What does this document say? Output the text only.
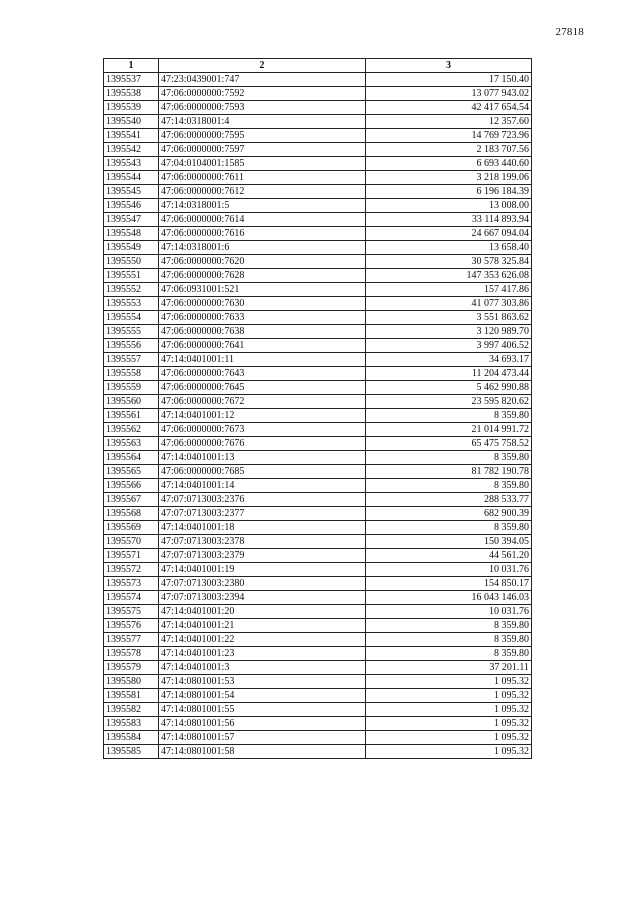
27818
1	2	3
1395537	47:23:0439001:747	17 150.40
1395538	47:06:0000000:7592	13 077 943.02
1395539	47:06:0000000:7593	42 417 654.54
1395540	47:14:0318001:4	12 357.60
1395541	47:06:0000000:7595	14 769 723.96
1395542	47:06:0000000:7597	2 183 707.56
1395543	47:04:0104001:1585	6 693 440.60
1395544	47:06:0000000:7611	3 218 199.06
1395545	47:06:0000000:7612	6 196 184.39
1395546	47:14:0318001:5	13 008.00
1395547	47:06:0000000:7614	33 114 893.94
1395548	47:06:0000000:7616	24 667 094.04
1395549	47:14:0318001:6	13 658.40
1395550	47:06:0000000:7620	30 578 325.84
1395551	47:06:0000000:7628	147 353 626.08
1395552	47:06:0931001:521	157 417.86
1395553	47:06:0000000:7630	41 077 303.86
1395554	47:06:0000000:7633	3 551 863.62
1395555	47:06:0000000:7638	3 120 989.70
1395556	47:06:0000000:7641	3 997 406.52
1395557	47:14:0401001:11	34 693.17
1395558	47:06:0000000:7643	11 204 473.44
1395559	47:06:0000000:7645	5 462 990.88
1395560	47:06:0000000:7672	23 595 820.62
1395561	47:14:0401001:12	8 359.80
1395562	47:06:0000000:7673	21 014 991.72
1395563	47:06:0000000:7676	65 475 758.52
1395564	47:14:0401001:13	8 359.80
1395565	47:06:0000000:7685	81 782 190.78
1395566	47:14:0401001:14	8 359.80
1395567	47:07:0713003:2376	288 533.77
1395568	47:07:0713003:2377	682 900.39
1395569	47:14:0401001:18	8 359.80
1395570	47:07:0713003:2378	150 394.05
1395571	47:07:0713003:2379	44 561.20
1395572	47:14:0401001:19	10 031.76
1395573	47:07:0713003:2380	154 850.17
1395574	47:07:0713003:2394	16 043 146.03
1395575	47:14:0401001:20	10 031.76
1395576	47:14:0401001:21	8 359.80
1395577	47:14:0401001:22	8 359.80
1395578	47:14:0401001:23	8 359.80
1395579	47:14:0401001:3	37 201.11
1395580	47:14:0801001:53	1 095.32
1395581	47:14:0801001:54	1 095.32
1395582	47:14:0801001:55	1 095.32
1395583	47:14:0801001:56	1 095.32
1395584	47:14:0801001:57	1 095.32
1395585	47:14:0801001:58	1 095.32
